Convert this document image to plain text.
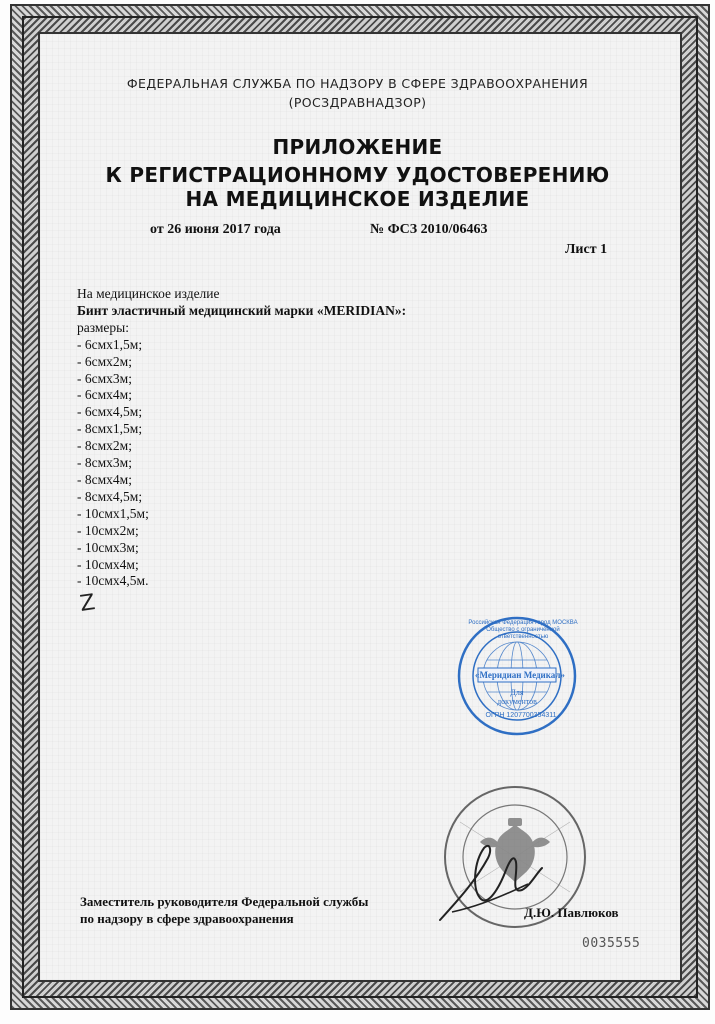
ФЕДЕРАЛЬНАЯ СЛУЖБА ПО НАДЗОРУ В СФЕРЕ ЗДРАВООХРАНЕНИЯ
(РОСЗДРАВНАДЗОР)
ПРИЛОЖЕНИЕ
К РЕГИСТРАЦИОННОМУ УДОСТОВЕРЕНИЮ
НА МЕДИЦИНСКОЕ ИЗДЕЛИЕ
от 26 июня 2017 года	№ ФСЗ 2010/06463
Лист 1
На медицинское изделие
Бинт эластичный медицинский марки «MERIDIAN»:
размеры:
- 6смх1,5м;
- 6смх2м;
- 6смх3м;
- 6смх4м;
- 6смх4,5м;
- 8смх1,5м;
- 8смх2м;
- 8смх3м;
- 8смх4м;
- 8смх4,5м;
- 10смх1,5м;
- 10смх2м;
- 10смх3м;
- 10смх4м;
- 10смх4,5м.
Z
«Меридиан Медикал»
Для документов
ОГРН 1207700354311
Российская Федерация город МОСКВА Общество с ограниченной ответственностью
Заместитель руководителя Федеральной службы
по надзору в сфере здравоохранения	Д.Ю. Павлюков
0035555
